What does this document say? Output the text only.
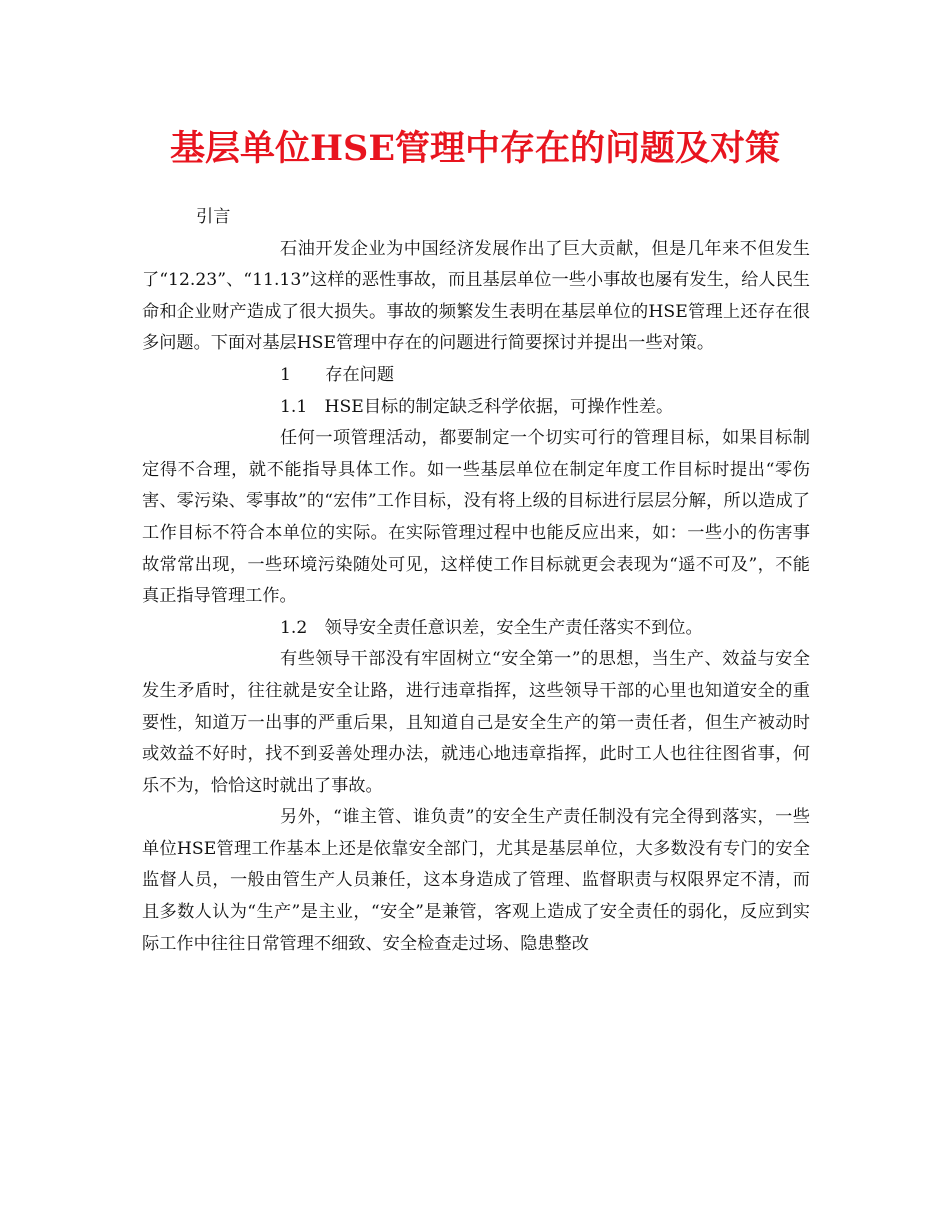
基层单位HSE管理中存在的问题及对策

引言

石油开发企业为中国经济发展作出了巨大贡献，但是几年来不但发生了“12.23”、“11.13”这样的恶性事故，而且基层单位一些小事故也屡有发生，给人民生命和企业财产造成了很大损失。事故的频繁发生表明在基层单位的HSE管理上还存在很多问题。下面对基层HSE管理中存在的问题进行简要探讨并提出一些对策。

1　　存在问题

1.1　HSE目标的制定缺乏科学依据，可操作性差。

任何一项管理活动，都要制定一个切实可行的管理目标，如果目标制定得不合理，就不能指导具体工作。如一些基层单位在制定年度工作目标时提出“零伤害、零污染、零事故”的“宏伟”工作目标，没有将上级的目标进行层层分解，所以造成了工作目标不符合本单位的实际。在实际管理过程中也能反应出来，如：一些小的伤害事故常常出现，一些环境污染随处可见，这样使工作目标就更会表现为“遥不可及”，不能真正指导管理工作。

1.2　领导安全责任意识差，安全生产责任落实不到位。

有些领导干部没有牢固树立“安全第一”的思想，当生产、效益与安全发生矛盾时，往往就是安全让路，进行违章指挥，这些领导干部的心里也知道安全的重要性，知道万一出事的严重后果，且知道自己是安全生产的第一责任者，但生产被动时或效益不好时，找不到妥善处理办法，就违心地违章指挥，此时工人也往往图省事，何乐不为，恰恰这时就出了事故。

另外，“谁主管、谁负责”的安全生产责任制没有完全得到落实，一些单位HSE管理工作基本上还是依靠安全部门，尤其是基层单位，大多数没有专门的安全监督人员，一般由管生产人员兼任，这本身造成了管理、监督职责与权限界定不清，而且多数人认为“生产”是主业，“安全”是兼管，客观上造成了安全责任的弱化，反应到实际工作中往往日常管理不细致、安全检查走过场、隐患整改
